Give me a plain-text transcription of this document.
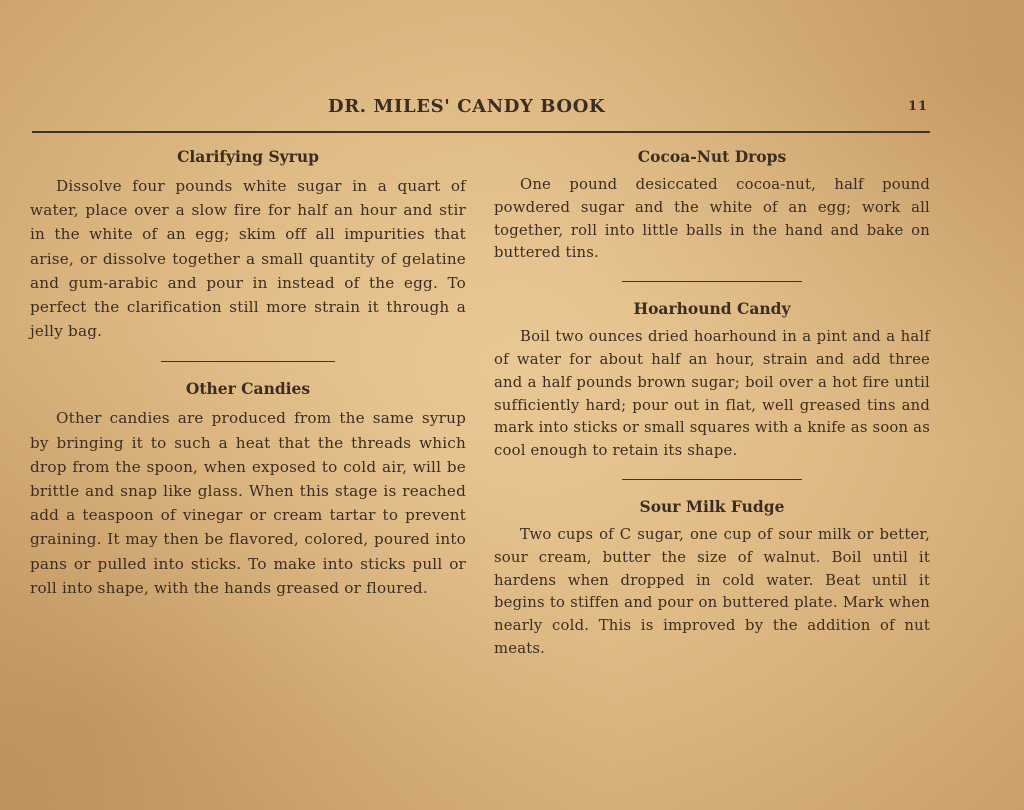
DR. MILES' CANDY BOOK	11
Clarifying Syrup

Dissolve four pounds white sugar in a quart of water, place over a slow fire for half an hour and stir in the white of an egg; skim off all impurities that arise, or dissolve together a small quantity of gelatine and gum-arabic and pour in instead of the egg. To perfect the clarification still more strain it through a jelly bag.

Other Candies

Other candies are produced from the same syrup by bringing it to such a heat that the threads which drop from the spoon, when exposed to cold air, will be brittle and snap like glass. When this stage is reached add a teaspoon of vinegar or cream tartar to prevent graining. It may then be flavored, colored, poured into pans or pulled into sticks. To make into sticks pull or roll into shape, with the hands greased or floured.

Cocoa-Nut Drops

One pound desiccated cocoa-nut, half pound powdered sugar and the white of an egg; work all together, roll into little balls in the hand and bake on buttered tins.

Hoarhound Candy

Boil two ounces dried hoarhound in a pint and a half of water for about half an hour, strain and add three and a half pounds brown sugar; boil over a hot fire until sufficiently hard; pour out in flat, well greased tins and mark into sticks or small squares with a knife as soon as cool enough to retain its shape.

Sour Milk Fudge

Two cups of C sugar, one cup of sour milk or better, sour cream, butter the size of walnut. Boil until it hardens when dropped in cold water. Beat until it begins to stiffen and pour on buttered plate. Mark when nearly cold. This is improved by the addition of nut meats.
